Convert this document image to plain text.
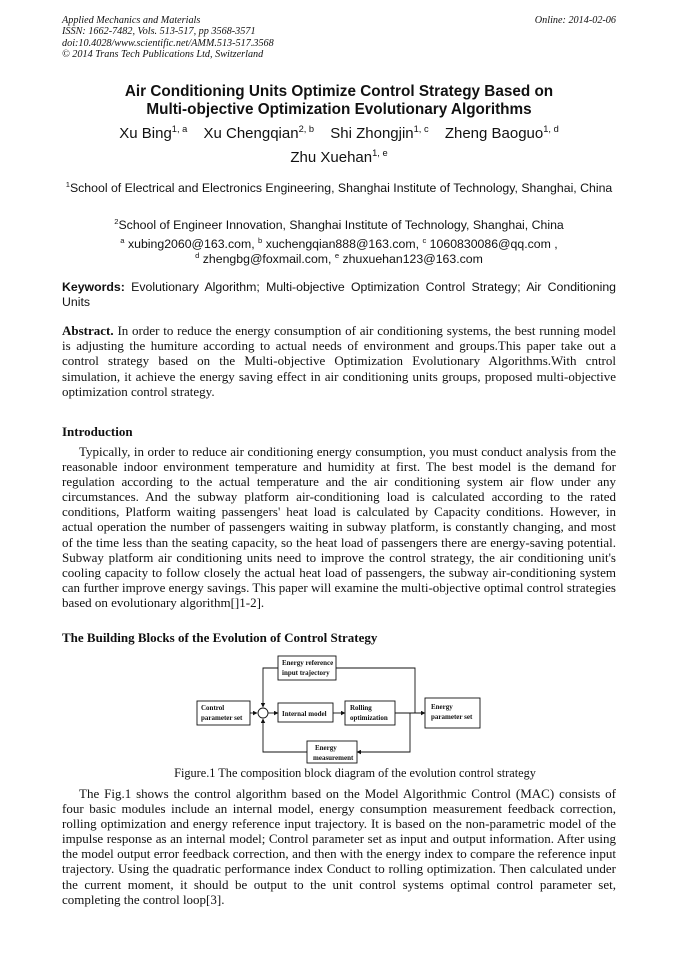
Applied Mechanics and Materials
ISSN: 1662-7482, Vols. 513-517, pp 3568-3571
doi:10.4028/www.scientific.net/AMM.513-517.3568
© 2014 Trans Tech Publications Ltd, Switzerland
Online: 2014-02-06
Air Conditioning Units Optimize Control Strategy Based on
Multi-objective Optimization Evolutionary Algorithms
Xu Bing$^{1, a}$ Xu Chengqian$^{2, b}$ Shi Zhongjin$^{1, c}$ Zheng Baoguo$^{1, d}$
Zhu Xuehan$^{1, e}$
$^1$School of Electrical and Electronics Engineering, Shanghai Institute of Technology, Shanghai, China
$^2$School of Engineer Innovation, Shanghai Institute of Technology, Shanghai, China
$^a$ xubing2060@163.com, $^b$ xuchengqian888@163.com, $^c$ 1060830086@qq.com ,
$^d$ zhengbg@foxmail.com, $^e$ zhuxuehan123@163.com
Keywords: Evolutionary Algorithm; Multi-objective Optimization Control Strategy; Air Conditioning Units
Abstract. In order to reduce the energy consumption of air conditioning systems, the best running model is adjusting the humiture according to actual needs of environment and groups.This paper take out a control strategy based on the Multi-objective Optimization Evolutionary Algorithms.With cntrol simulation, it achieve the energy saving effect in air conditioning units groups, proposed multi-objective optimization control strategy.
Introduction
Typically, in order to reduce air conditioning energy consumption, you must conduct analysis from the reasonable indoor environment temperature and humidity at first. The best model is the demand for regulation according to the actual temperature and the air conditioning system air flow under any circumstances. And the subway platform air-conditioning load is calculated according to the rated conditions, Platform waiting passengers' heat load is calculated by Capacity conditions. However, in actual operation the number of passengers waiting in subway platform, is constantly changing, and most of the time less than the seating capacity, so the heat load of passengers there are energy-saving potential. Subway platform air conditioning units need to improve the control strategy, the air conditioning unit's cooling capacity to follow closely the actual heat load of passengers, the subway air-conditioning system can further improve energy savings. This paper will examine the multi-objective optimal control strategies based on evolutionary algorithm[]1-2].
The Building Blocks of the Evolution of Control Strategy
Energy reference
input trajectory
Control
parameter set	Internal model
Rolling
optimization
Energy
parameter set
Energy
measurement
Figure.1 The composition block diagram of the evolution control strategy
The Fig.1 shows the control algorithm based on the Model Algorithmic Control (MAC) consists of four basic modules include an internal model, energy consumption measurement feedback correction, rolling optimization and energy reference input trajectory. It is based on the non-parametric model of the impulse response as an internal model; Control parameter set as input and output information. After using the model output error feedback correction, and then with the energy index to compare the reference input trajectory. Using the quadratic performance index Conduct to rolling optimization. Then calculated under the current moment, it should be output to the unit control systems optimal control parameter set, completing the control loop[3].
